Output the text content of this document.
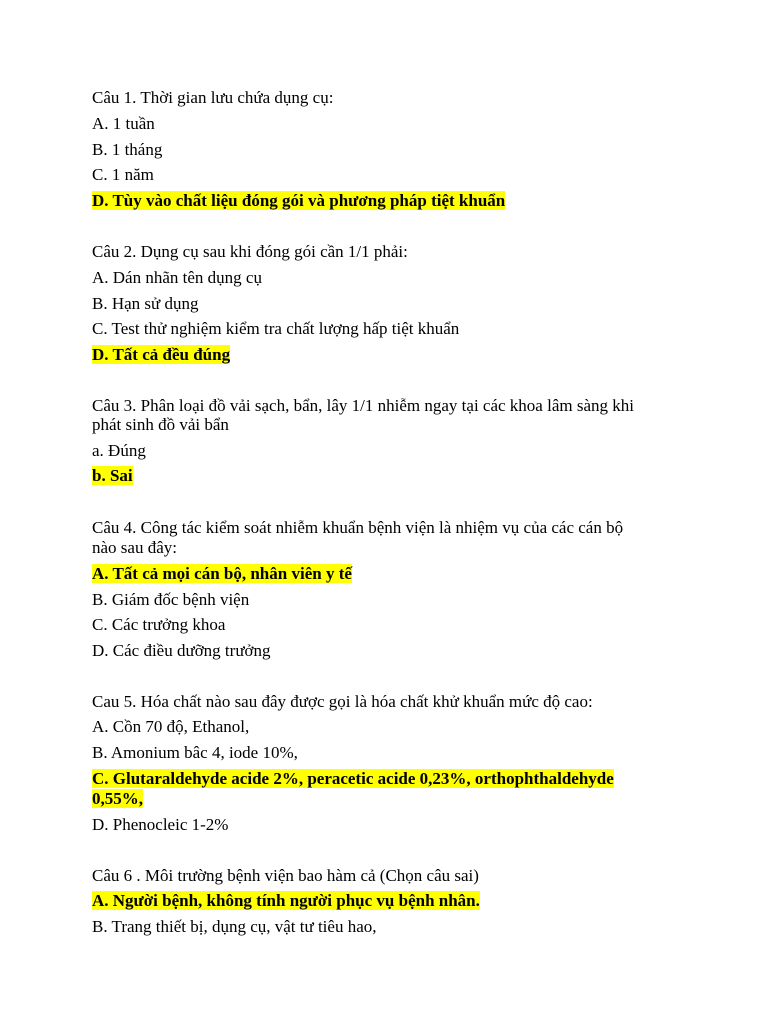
Câu 1. Thời gian lưu chứa dụng cụ:
A. 1 tuần
B. 1 tháng
C. 1 năm
D. Tùy vào chất liệu đóng gói và phương pháp tiệt khuẩn
Câu 2. Dụng cụ sau khi đóng gói cần 1/1 phải:
A. Dán nhãn tên dụng cụ
B. Hạn sử dụng
C. Test thử nghiệm kiểm tra chất lượng hấp tiệt khuẩn
D. Tất cả đều đúng
Câu 3. Phân loại đồ vải sạch, bẩn, lây 1/1 nhiễm ngay tại các khoa lâm sàng khi
phát sinh đồ vải bẩn
a. Đúng
b. Sai
Câu 4. Công tác kiểm soát nhiễm khuẩn bệnh viện là nhiệm vụ của các cán bộ
nào sau đây:
A. Tất cả mọi cán bộ, nhân viên y tế
B. Giám đốc bệnh viện
C. Các trưởng khoa
D. Các điều dưỡng trưởng
Cau 5. Hóa chất nào sau đây được gọi là hóa chất khử khuẩn mức độ cao:
A. Cồn 70 độ, Ethanol,
B. Amonium bâc 4, iode 10%,
C. Glutaraldehyde acide 2%, peracetic acide 0,23%, orthophthaldehyde
0,55%,
D. Phenocleic 1-2%
Câu 6 . Môi trường bệnh viện bao hàm cả (Chọn câu sai)
A. Người bệnh, không tính người phục vụ bệnh nhân.
B. Trang thiết bị, dụng cụ, vật tư tiêu hao,
